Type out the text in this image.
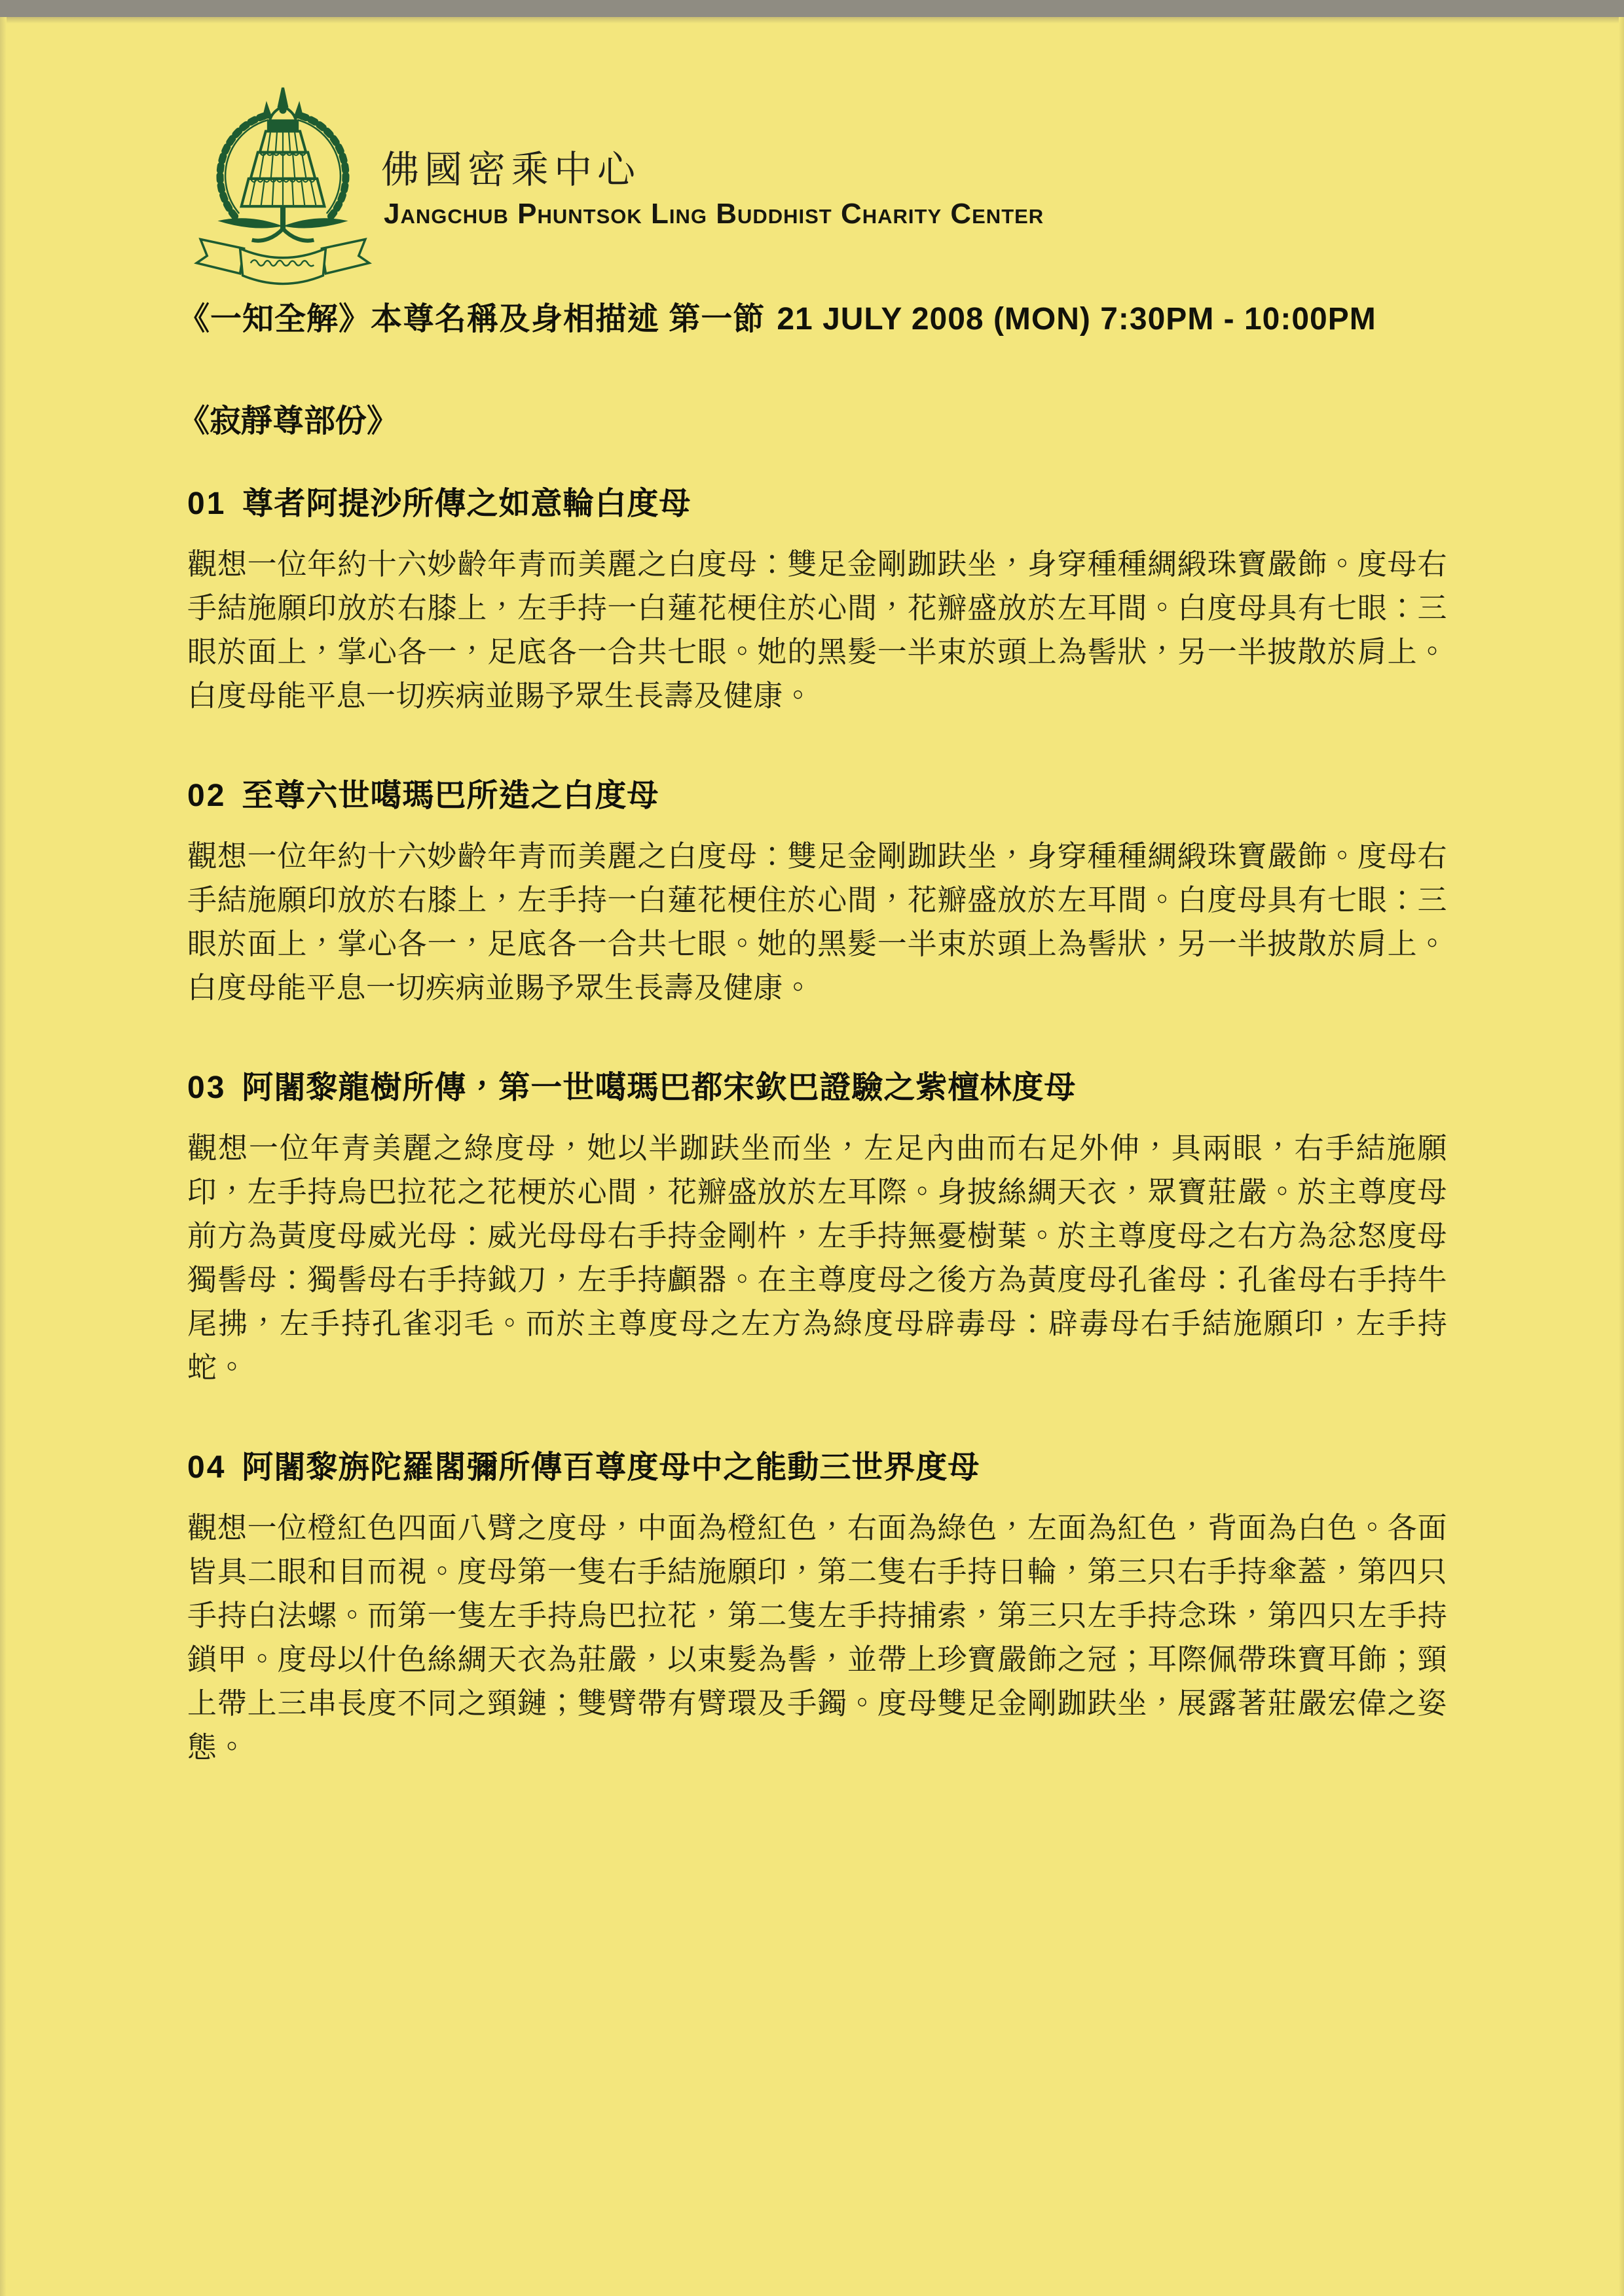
佛國密乘中心
Jangchub Phuntsok Ling Buddhist Charity Center
《一知全解》本尊名稱及身相描述 第一節 21 JULY 2008 (MON) 7:30PM - 10:00PM
《寂靜尊部份》
01 尊者阿提沙所傳之如意輪白度母

觀想一位年約十六妙齡年青而美麗之白度母：雙足金剛跏趺坐，身穿種種綢緞珠寶嚴飾。度母右手結施願印放於右膝上，左手持一白蓮花梗住於心間，花瓣盛放於左耳間。白度母具有七眼：三眼於面上，掌心各一，足底各一合共七眼。她的黑髮一半束於頭上為髻狀，另一半披散於肩上。白度母能平息一切疾病並賜予眾生長壽及健康。

02 至尊六世噶瑪巴所造之白度母

觀想一位年約十六妙齡年青而美麗之白度母：雙足金剛跏趺坐，身穿種種綢緞珠寶嚴飾。度母右手結施願印放於右膝上，左手持一白蓮花梗住於心間，花瓣盛放於左耳間。白度母具有七眼：三眼於面上，掌心各一，足底各一合共七眼。她的黑髮一半束於頭上為髻狀，另一半披散於肩上。白度母能平息一切疾病並賜予眾生長壽及健康。

03 阿闍黎龍樹所傳，第一世噶瑪巴都宋欽巴證驗之紫檀林度母

觀想一位年青美麗之綠度母，她以半跏趺坐而坐，左足內曲而右足外伸，具兩眼，右手結施願印，左手持烏巴拉花之花梗於心間，花瓣盛放於左耳際。身披絲綢天衣，眾寶莊嚴。於主尊度母前方為黃度母威光母：威光母母右手持金剛杵，左手持無憂樹葉。於主尊度母之右方為忿怒度母獨髻母：獨髻母右手持鉞刀，左手持顱器。在主尊度母之後方為黃度母孔雀母：孔雀母右手持牛尾拂，左手持孔雀羽毛。而於主尊度母之左方為綠度母辟毒母：辟毒母右手結施願印，左手持蛇。

04 阿闍黎旃陀羅閣彌所傳百尊度母中之能動三世界度母

觀想一位橙紅色四面八臂之度母，中面為橙紅色，右面為綠色，左面為紅色，背面為白色。各面皆具二眼和目而視。度母第一隻右手結施願印，第二隻右手持日輪，第三只右手持傘蓋，第四只手持白法螺。而第一隻左手持烏巴拉花，第二隻左手持捕索，第三只左手持念珠，第四只左手持鎖甲。度母以什色絲綢天衣為莊嚴，以束髮為髻，並帶上珍寶嚴飾之冠；耳際佩帶珠寶耳飾；頸上帶上三串長度不同之頸鏈；雙臂帶有臂環及手鐲。度母雙足金剛跏趺坐，展露著莊嚴宏偉之姿態。
